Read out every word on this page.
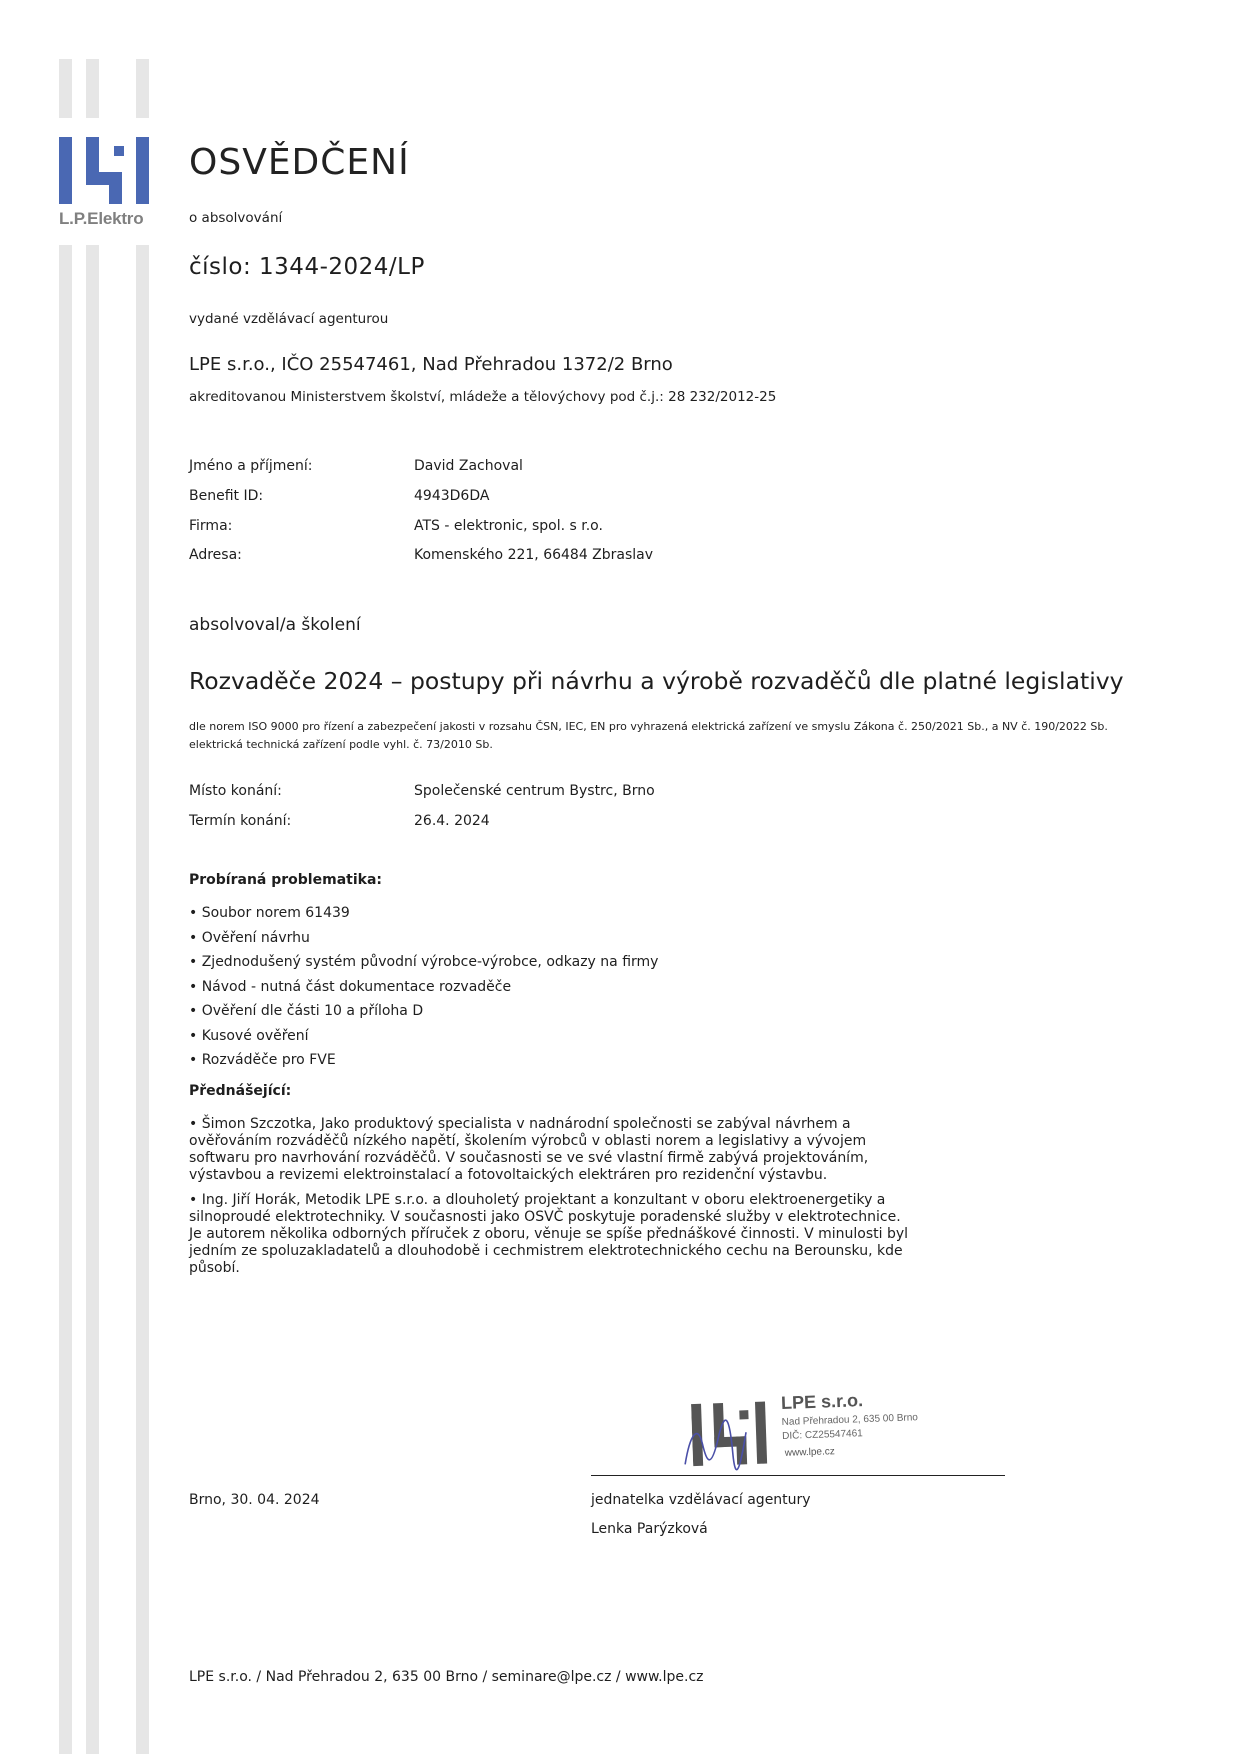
L.P.Elektro
OSVĚDČENÍ
o absolvování
číslo: 1344-2024/LP
vydané vzdělávací agenturou
LPE s.r.o., IČO 25547461, Nad Přehradou 1372/2 Brno
akreditovanou Ministerstvem školství, mládeže a tělovýchovy pod č.j.: 28 232/2012-25
Jméno a příjmení:	David Zachoval
Benefit ID:	4943D6DA
Firma:	ATS - elektronic, spol. s r.o.
Adresa:	Komenského 221, 66484 Zbraslav
absolvoval/a školení
Rozvaděče 2024 – postupy při návrhu a výrobě rozvaděčů dle platné legislativy
dle norem ISO 9000 pro řízení a zabezpečení jakosti v rozsahu ČSN, IEC, EN pro vyhrazená elektrická zařízení ve smyslu Zákona č. 250/2021 Sb., a NV č. 190/2022 Sb.
elektrická technická zařízení podle vyhl. č. 73/2010 Sb.
Místo konání:	Společenské centrum Bystrc, Brno
Termín konání:	26.4. 2024
Probíraná problematika:
• Soubor norem 61439
• Ověření návrhu
• Zjednodušený systém původní výrobce-výrobce, odkazy na firmy
• Návod - nutná část dokumentace rozvaděče
• Ověření dle části 10 a příloha D
• Kusové ověření
• Rozváděče pro FVE
Přednášející:

• Šimon Szczotka, Jako produktový specialista v nadnárodní společnosti se zabýval návrhem a ověřováním rozváděčů nízkého napětí, školením výrobců v oblasti norem a legislativy a vývojem softwaru pro navrhování rozváděčů. V současnosti se ve své vlastní firmě zabývá projektováním, výstavbou a revizemi elektroinstalací a fotovoltaických elektráren pro rezidenční výstavbu.

• Ing. Jiří Horák, Metodik LPE s.r.o. a dlouholetý projektant a konzultant v oboru elektroenergetiky a silnoproudé elektrotechniky. V současnosti jako OSVČ poskytuje poradenské služby v elektrotechnice. Je autorem několika odborných příruček z oboru, věnuje se spíše přednáškové činnosti. V minulosti byl jedním ze spoluzakladatelů a dlouhodobě i cechmistrem elektrotechnického cechu na Berounsku, kde působí.

LPE s.r.o.
Nad Přehradou 2, 635 00 Brno
DIČ: CZ25547461
www.lpe.cz
Brno, 30. 04. 2024	jednatelka vzdělávací agentury
Lenka Parýzková
LPE s.r.o. / Nad Přehradou 2, 635 00 Brno / seminare@lpe.cz / www.lpe.cz
